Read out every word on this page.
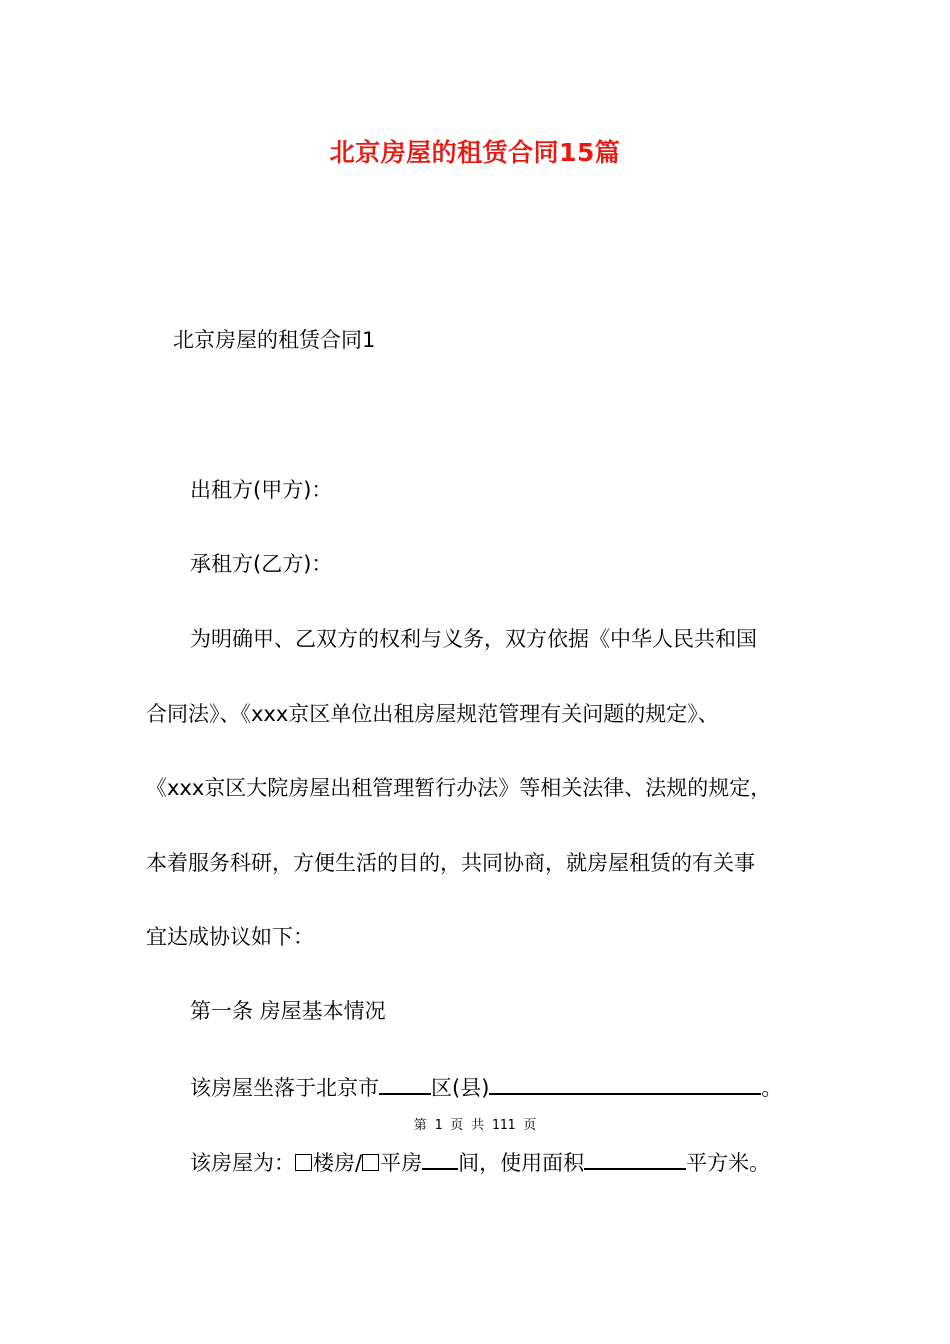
北京房屋的租赁合同15篇
北京房屋的租赁合同1
出租方(甲方)：
承租方(乙方)：
为明确甲、乙双方的权利与义务，双方依据《中华人民共和国
合同法》、《xxx京区单位出租房屋规范管理有关问题的规定》、
《xxx京区大院房屋出租管理暂行办法》等相关法律、法规的规定，
本着服务科研，方便生活的目的，共同协商，就房屋租赁的有关事
宜达成协议如下：
第一条 房屋基本情况
该房屋坐落于北京市 区(县)	。
第 1 页 共 111 页
该房屋为： 楼房/ 平房 间，使用面积	平方米。
